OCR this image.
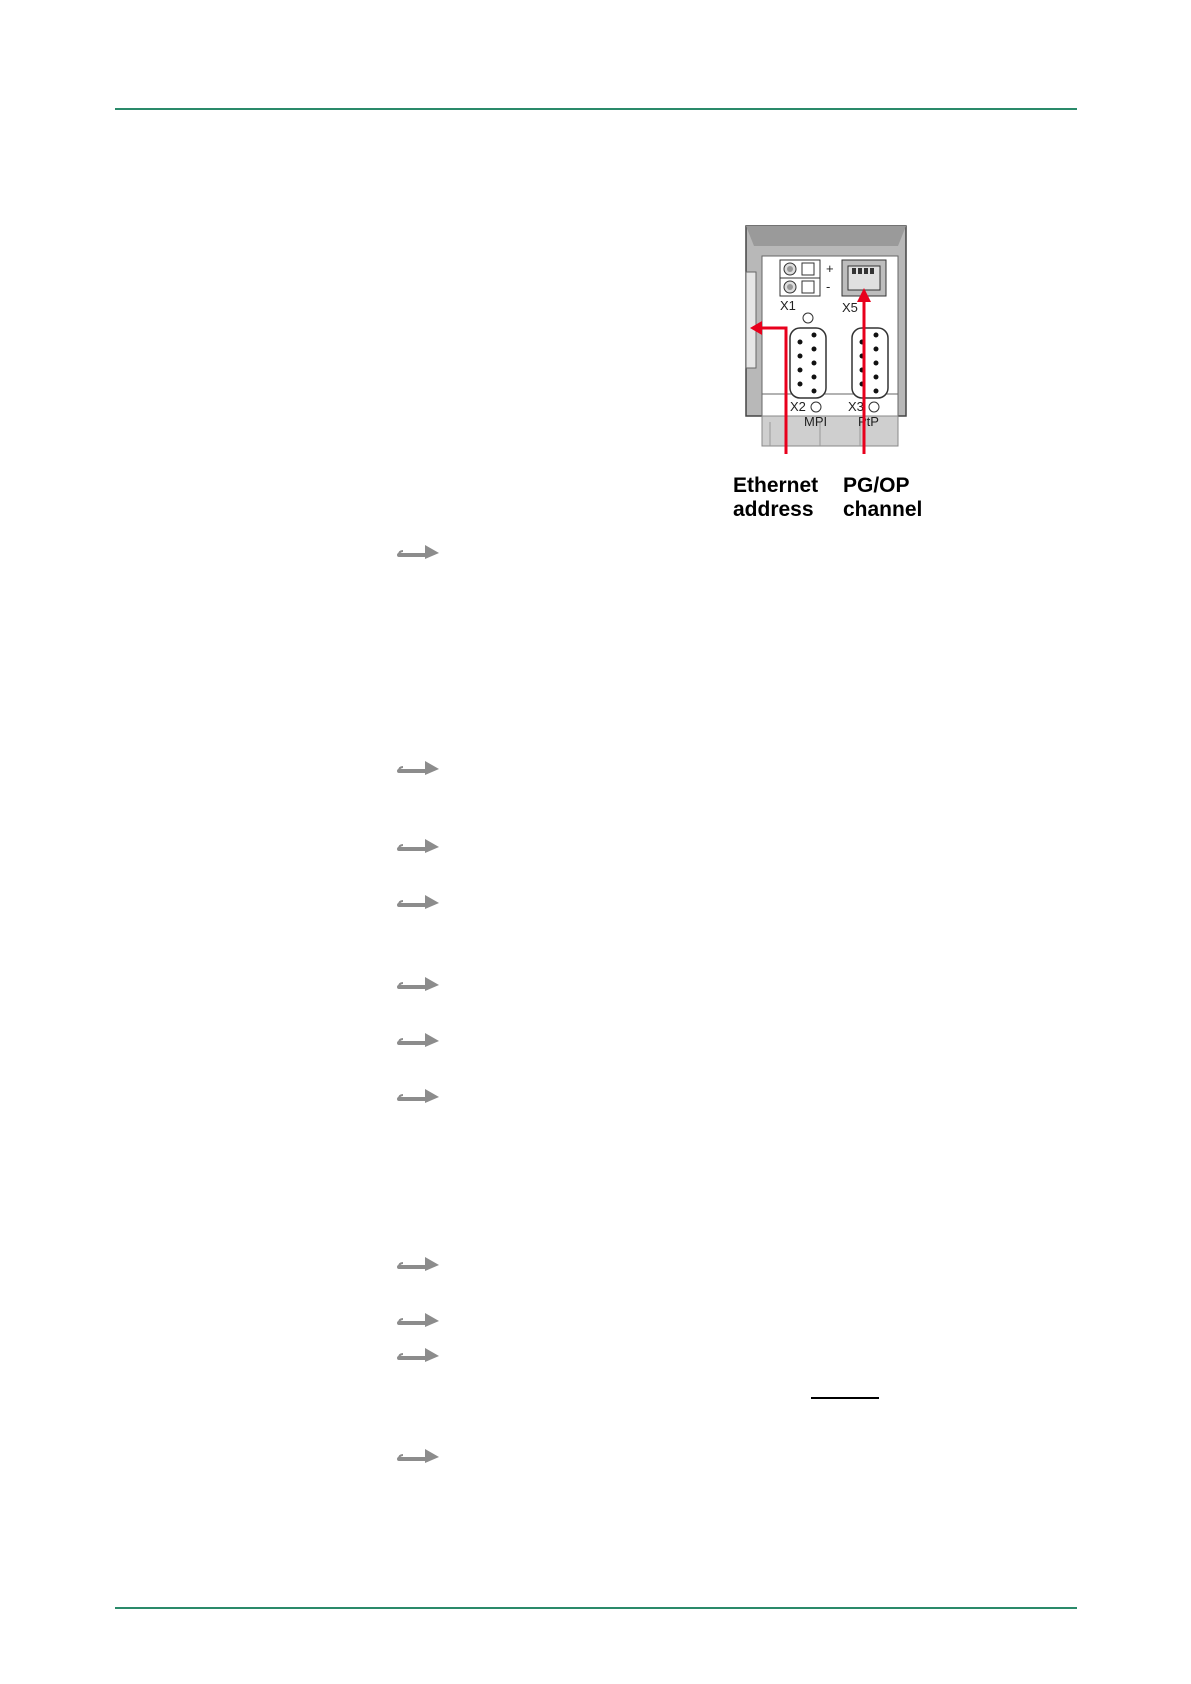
+
-
X1	X5
X2
MPI
X3
PtP
Ethernet
address
PG/OP
channel
